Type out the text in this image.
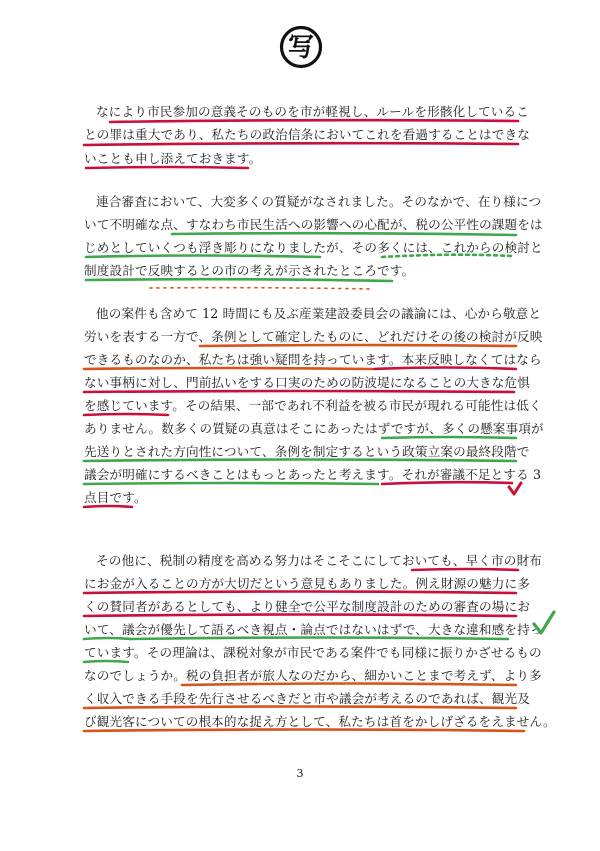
写
なにより市民参加の意義そのものを市が軽視し、ルールを形骸化しているこ
との罪は重大であり、私たちの政治信条においてこれを看過することはできな
いことも申し添えておきます。
連合審査において、大変多くの質疑がなされました。そのなかで、在り様につ
いて不明確な点、すなわち市民生活への影響への心配が、税の公平性の課題をは
じめとしていくつも浮き彫りになりましたが、その多くには、これからの検討と
制度設計で反映するとの市の考えが示されたところです。
他の案件も含めて 12 時間にも及ぶ産業建設委員会の議論には、心から敬意と
労いを表する一方で、条例として確定したものに、どれだけその後の検討が反映
できるものなのか、私たちは強い疑問を持っています。本来反映しなくてはなら
ない事柄に対し、門前払いをする口実のための防波堤になることの大きな危惧
を感じています。その結果、一部であれ不利益を被る市民が現れる可能性は低く
ありません。数多くの質疑の真意はそこにあったはずですが、多くの懸案事項が
先送りとされた方向性について、条例を制定するという政策立案の最終段階で
議会が明確にするべきことはもっとあったと考えます。それが審議不足とする 3
点目です。
その他に、税制の精度を高める努力はそこそこにしておいても、早く市の財布
にお金が入ることの方が大切だという意見もありました。例え財源の魅力に多
くの賛同者があるとしても、より健全で公平な制度設計のための審査の場にお
いて、議会が優先して語るべき視点・論点ではないはずで、大きな違和感を持っ
ています。その理論は、課税対象が市民である案件でも同様に振りかざせるもの
なのでしょうか。税の負担者が旅人なのだから、細かいことまで考えず、より多
く収入できる手段を先行させるべきだと市や議会が考えるのであれば、観光及
び観光客についての根本的な捉え方として、私たちは首をかしげざるをえません。
3
